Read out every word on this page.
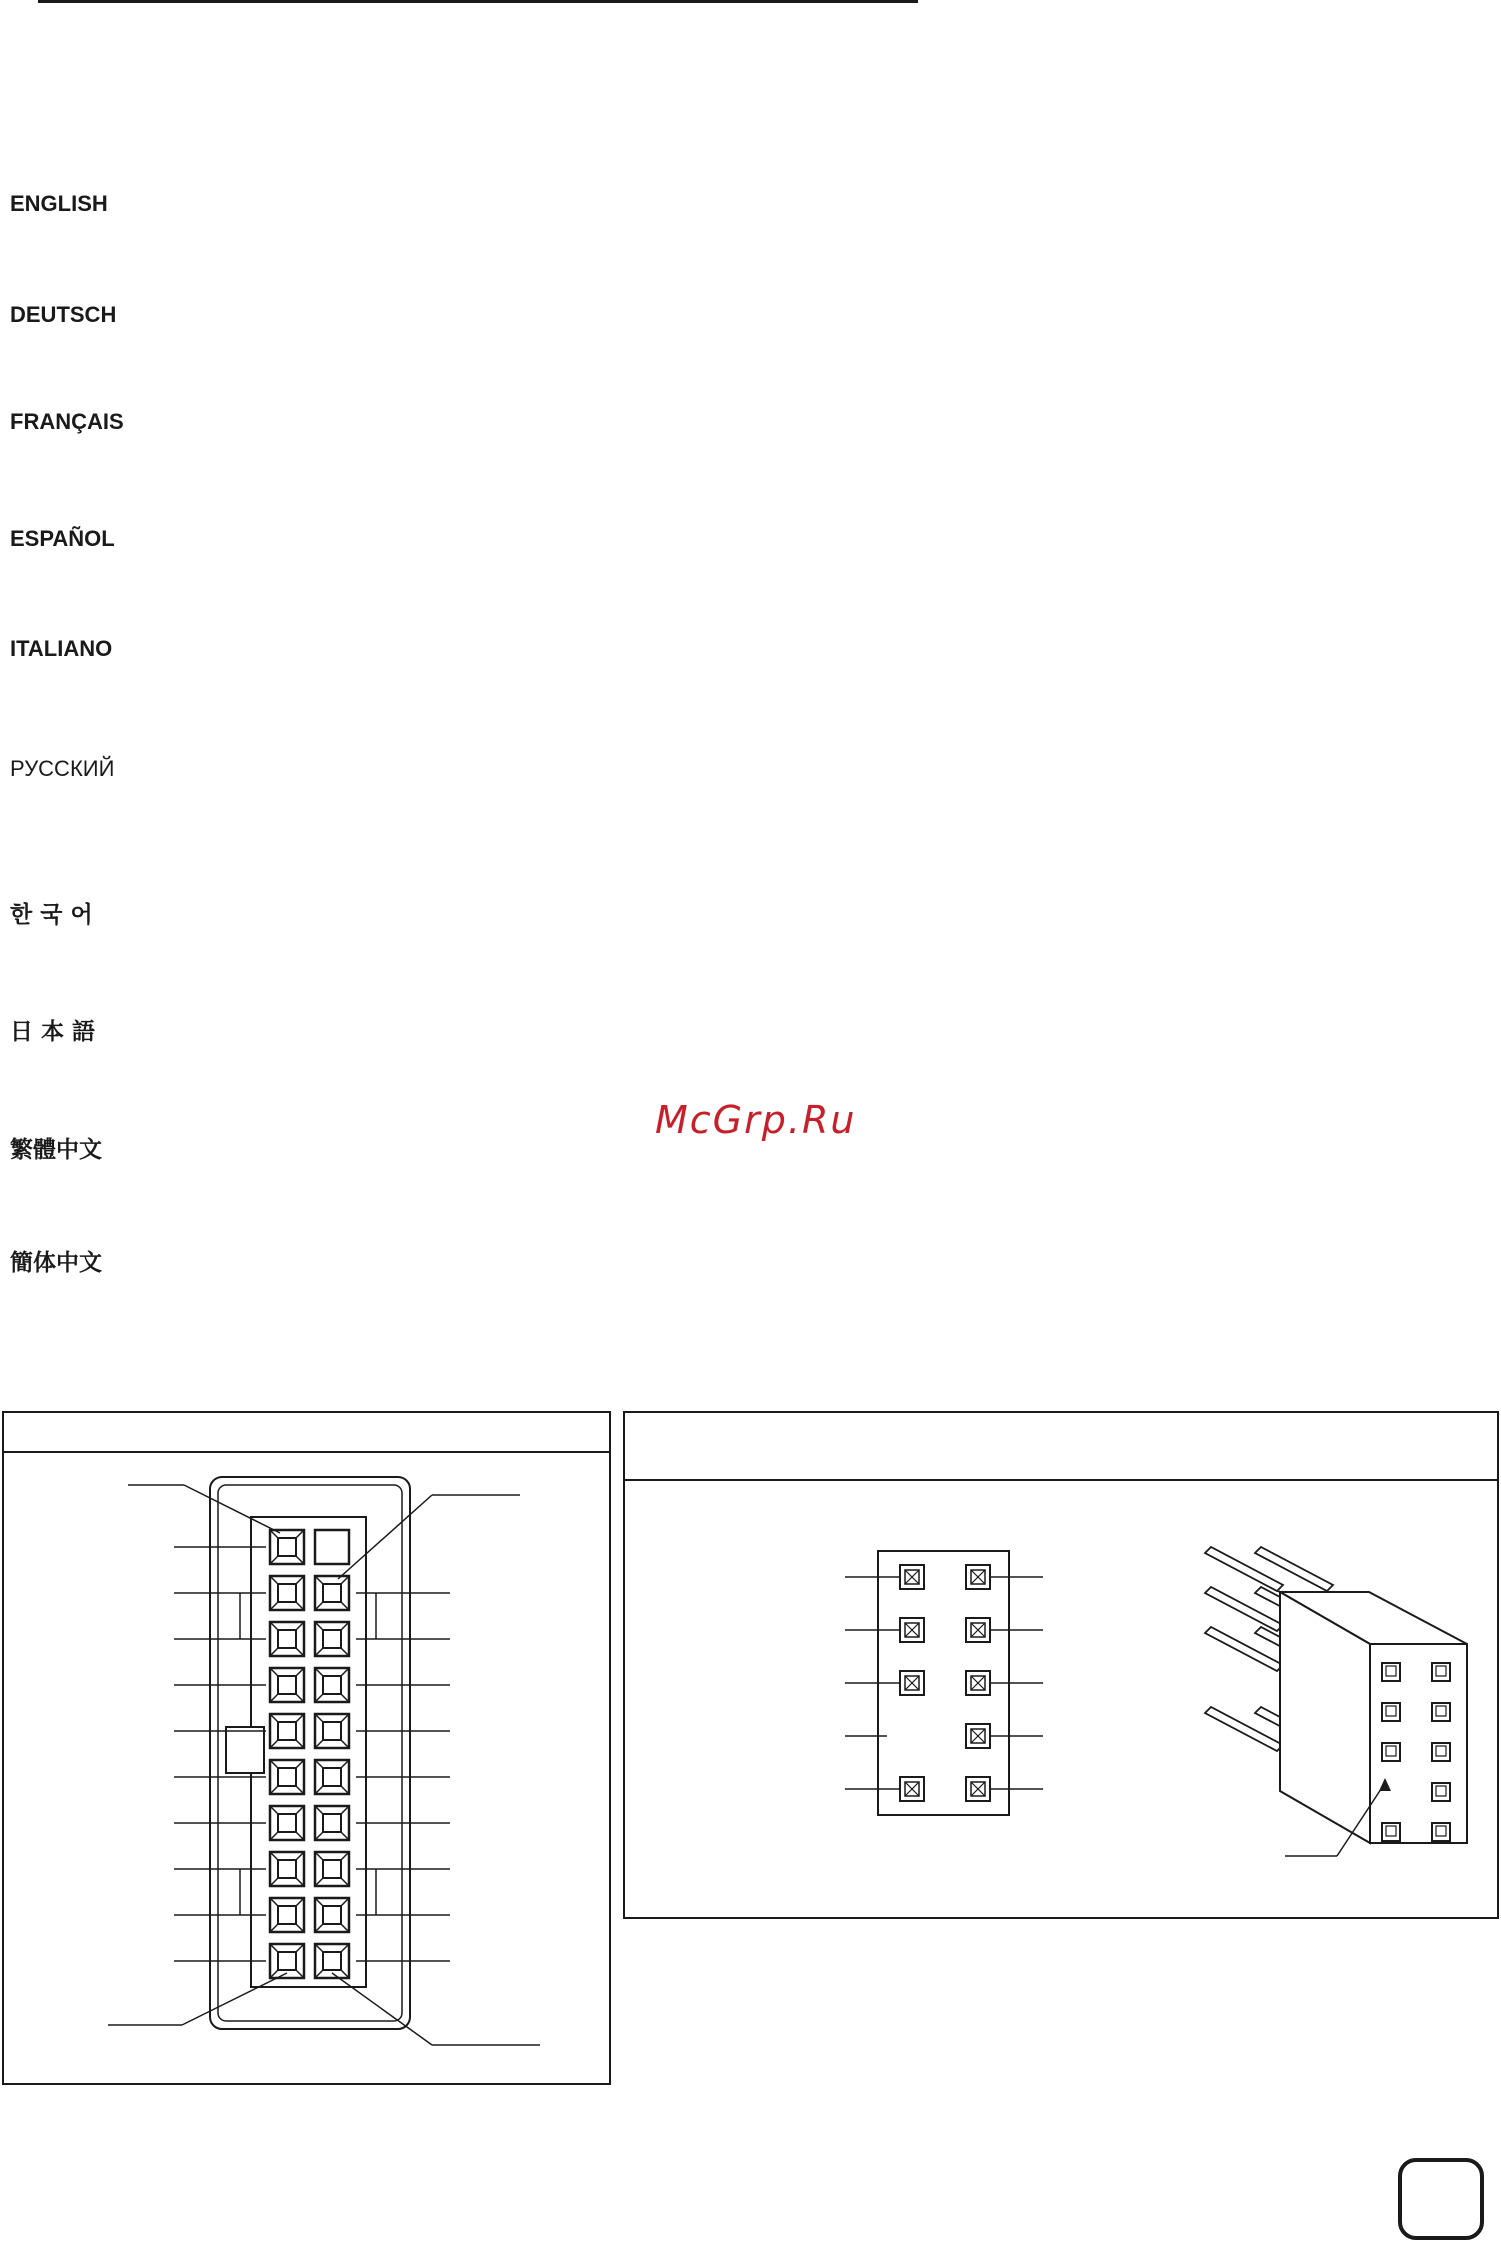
ENGLISH
DEUTSCH
FRANÇAIS
ESPAÑOL
ITALIANO
РУССКИЙ
한 국 어
日 本 語
繁體中文
簡体中文
McGrp.Ru
